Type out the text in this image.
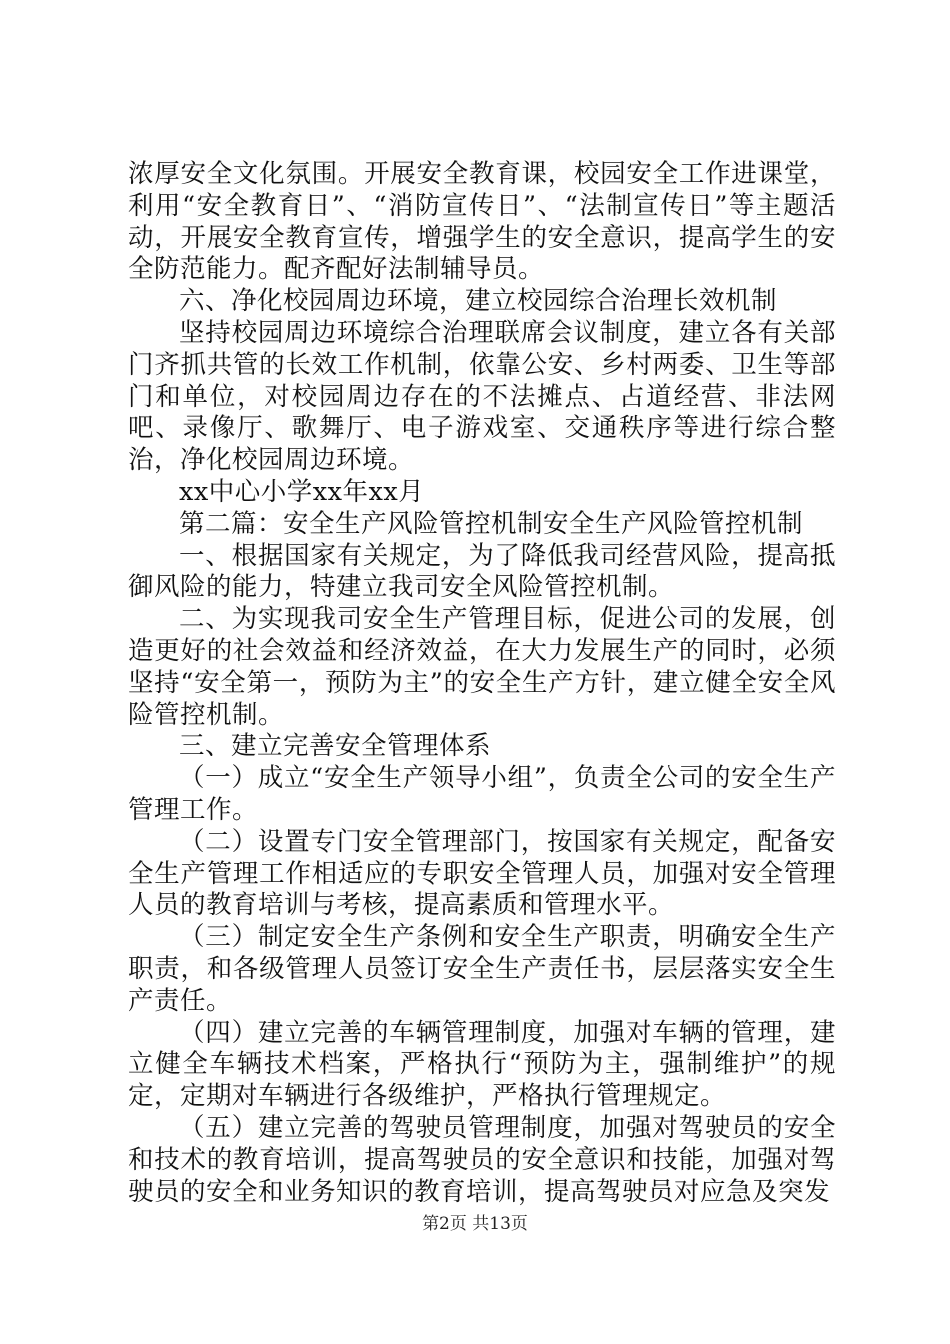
浓厚安全文化氛围。开展安全教育课，校园安全工作进课堂，利用“安全教育日”、“消防宣传日”、“法制宣传日”等主题活动，开展安全教育宣传，增强学生的安全意识，提高学生的安全防范能力。配齐配好法制辅导员。

六、净化校园周边环境，建立校园综合治理长效机制

坚持校园周边环境综合治理联席会议制度，建立各有关部门齐抓共管的长效工作机制，依靠公安、乡村两委、卫生等部门和单位，对校园周边存在的不法摊点、占道经营、非法网吧、录像厅、歌舞厅、电子游戏室、交通秩序等进行综合整治，净化校园周边环境。

xx中心小学xx年xx月

第二篇：安全生产风险管控机制安全生产风险管控机制

一、根据国家有关规定，为了降低我司经营风险，提高抵御风险的能力，特建立我司安全风险管控机制。

二、为实现我司安全生产管理目标，促进公司的发展，创造更好的社会效益和经济效益，在大力发展生产的同时，必须坚持“安全第一，预防为主”的安全生产方针，建立健全安全风险管控机制。

三、建立完善安全管理体系

（一）成立“安全生产领导小组”，负责全公司的安全生产管理工作。

（二）设置专门安全管理部门，按国家有关规定，配备安全生产管理工作相适应的专职安全管理人员，加强对安全管理人员的教育培训与考核，提高素质和管理水平。

（三）制定安全生产条例和安全生产职责，明确安全生产职责，和各级管理人员签订安全生产责任书，层层落实安全生产责任。

（四）建立完善的车辆管理制度，加强对车辆的管理，建立健全车辆技术档案，严格执行“预防为主，强制维护”的规定，定期对车辆进行各级维护，严格执行管理规定。

（五）建立完善的驾驶员管理制度，加强对驾驶员的安全和技术的教育培训，提高驾驶员的安全意识和技能，加强对驾驶员的安全和业务知识的教育培训，提高驾驶员对应急及突发

第2页 共13页
